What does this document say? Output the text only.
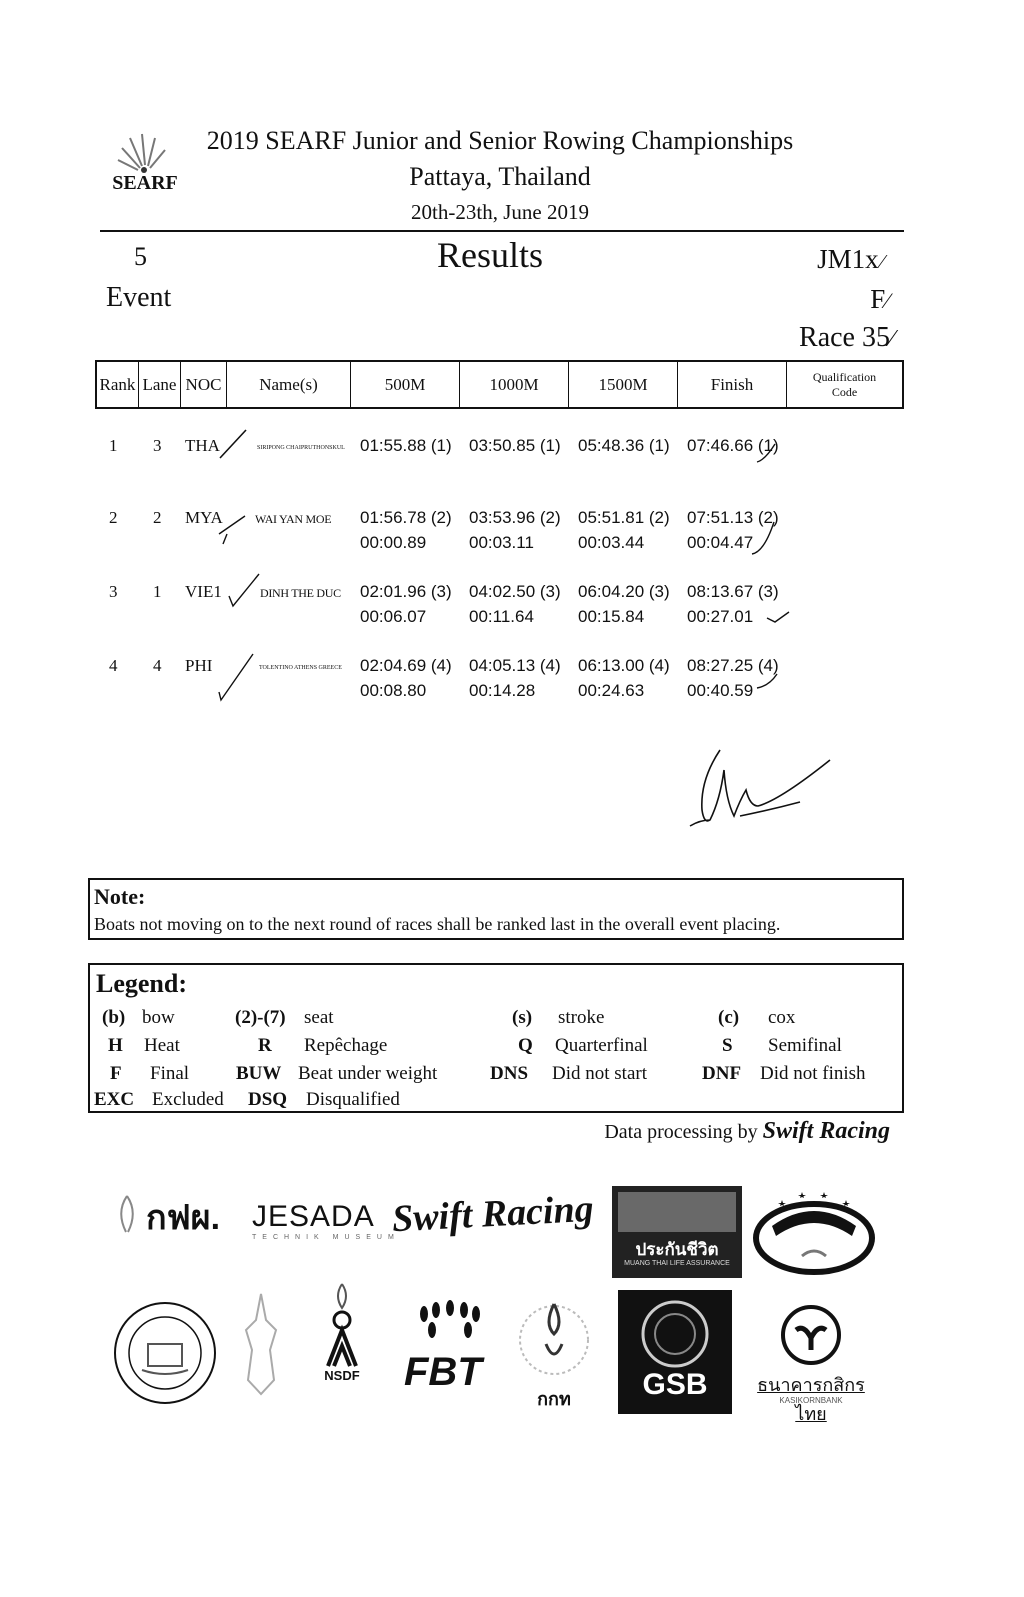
SEARF
2019 SEARF Junior and Senior Rowing Championships
Pattaya, Thailand
20th-23th, June 2019
5
Event
Results	JM1x ⁄
F⁄
Race 35⁄
Rank Lane NOC	Name(s)	500M	1000M	1500M	Finish	Qualification
Code
1 3 THA	SIRIPONG CHAIPRUTHONSKUL 01:55.88 (1) 03:50.85 (1) 05:48.36 (1) 07:46.66 (1)
2 2 MYA	WAI YAN MOE	01:56.78 (2) 03:53.96 (2) 05:51.81 (2) 07:51.13 (2)
00:00.89	00:03.11	00:03.44	00:04.47
3 1 VIE1	DINH THE DUC	02:01.96 (3) 04:02.50 (3) 06:04.20 (3) 08:13.67 (3)
00:06.07	00:11.64	00:15.84	00:27.01
4 4 PHI	TOLENTINO ATHENS GREECE	02:04.69 (4) 04:05.13 (4) 06:13.00 (4) 08:27.25 (4)
00:08.80	00:14.28	00:24.63	00:40.59
Note:
Boats not moving on to the next round of races shall be ranked last in the overall event placing.
Legend:
(b) bow	(2)-(7) seat	(s) stroke	(c) cox
H Heat	R Repêchage	Q Quarterfinal	S Semifinal
F Final BUW Beat under weight	DNS Did not start	DNF Did not finish
EXC Excluded DSQ Disqualified
Data processing by Swift Racing
กฟผ. JESADA
TECHNIK MUSEUM
Swift Racing
ประกันชีวิต
MUANG THAI LIFE ASSURANCE
NSDF	FBT
กกท	GSB	ธนาคารกสิกรไทย
KASIKORNBANK
